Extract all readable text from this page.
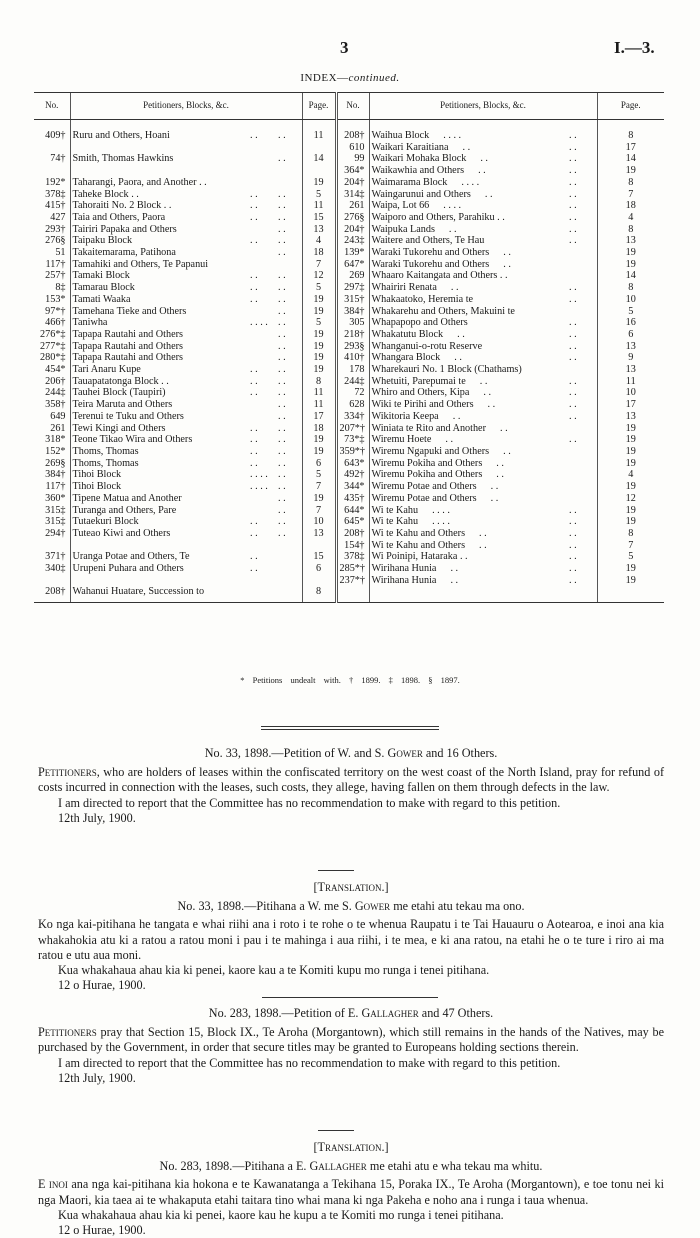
3	I.—3.
INDEX—continued.
No.	Petitioners, Blocks, &c.			Page.	No.	Petitioners, Blocks, &c.		Page.
409†	Ruru and Others, Hoani	. .	. .	11	208†	Waihua Block . . . .	. .	8
					610	Waikari Karaitiana . .	. .	17
74†	Smith, Thomas Hawkins		. .	14	99	Waikari Mohaka Block . .	. .	14
					364*	Waikawhia and Others . .	. .	19
192*	Taharangi, Paora, and Another . .			19	204†	Waimarama Block . . . .	. .	8
378‡	Taheke Block . .	. .	. .	5	314‡	Waingarunui and Others . .	. .	7
415†	Tahoraiti No. 2 Block . .	. .	. .	11	261	Waipa, Lot 66 . . . .	. .	18
427	Taia and Others, Paora	. .	. .	15	276§	Waiporo and Others, Parahiku . .	. .	4
293†	Tairiri Papaka and Others		. .	13	204†	Waipuka Lands . .	. .	8
276§	Taipaku Block	. .	. .	4	243‡	Waitere and Others, Te Hau	. .	13
51	Takaitemarama, Patihona		. .	18	139*	Waraki Tukorehu and Others . .		19
117†	Tamahiki and Others, Te Papanui			7	647*	Waraki Tukorehu and Others . .		19
257†	Tamaki Block	. .	. .	12	269	Whaaro Kaitangata and Others . .		14
8‡	Tamarau Block	. .	. .	5	297‡	Whairiri Renata . .	. .	8
153*	Tamati Waaka	. .	. .	19	315†	Whakaatoko, Heremia te	. .	10
97*†	Tamehana Tieke and Others		. .	19	384†	Whakarehu and Others, Makuini te		5
466†	Taniwha	. . . .	. .	5	305	Whapapopo and Others	. .	16
276*‡	Tapapa Rautahi and Others		. .	19	218†	Whakatutu Block . .	. .	6
277*‡	Tapapa Rautahi and Others		. .	19	293§	Whanganui-o-rotu Reserve	. .	13
280*‡	Tapapa Rautahi and Others		. .	19	410†	Whangara Block . .	. .	9
454*	Tari Anaru Kupe	. .	. .	19	178	Wharekauri No. 1 Block (Chathams)		13
206†	Tauapatatonga Block . .	. .	. .	8	244‡	Whetuiti, Parepumai te . .	. .	11
244‡	Tauhei Block (Taupiri)	. .	. .	11	72	Whiro and Others, Kipa . .	. .	10
358†	Teira Maruta and Others		. .	11	628	Wiki te Pirihi and Others . .	. .	17
649	Terenui te Tuku and Others		. .	17	334†	Wikitoria Keepa . .	. .	13
261	Tewi Kingi and Others	. .	. .	18	207*†	Winiata te Rito and Another . .		19
318*	Teone Tikao Wira and Others	. .	. .	19	73*‡	Wiremu Hoete . .	. .	19
152*	Thoms, Thomas	. .	. .	19	359*†	Wiremu Ngapuki and Others . .		19
269§	Thoms, Thomas	. .	. .	6	643*	Wiremu Pokiha and Others . .		19
384†	Tihoi Block	. . . .	. .	5	492†	Wiremu Pokiha and Others . .		4
117†	Tihoi Block	. . . .	. .	7	344*	Wiremu Potae and Others . .		19
360*	Tipene Matua and Another		. .	19	435†	Wiremu Potae and Others . .		12
315‡	Turanga and Others, Pare		. .	7	644*	Wi te Kahu . . . .	. .	19
315‡	Tutaekuri Block	. .	. .	10	645*	Wi te Kahu . . . .	. .	19
294†	Tuteao Kiwi and Others	. .	. .	13	208†	Wi te Kahu and Others . .	. .	8
					154†	Wi te Kahu and Others . .	. .	7
371†	Uranga Potae and Others, Te	. .		15	378‡	Wi Poinipi, Hataraka . .	. .	5
340‡	Urupeni Puhara and Others	. .		6	285*†	Wirihana Hunia . .	. .	19
					237*†	Wirihana Hunia . .	. .	19
208†	Wahanui Huatare, Succession to			8				
* Petitions undealt with. † 1899. ‡ 1898. § 1897.

No. 33, 1898.—Petition of W. and S. Gower and 16 Others.

Petitioners, who are holders of leases within the confiscated territory on the west coast of the North Island, pray for refund of costs incurred in connection with the leases, such costs, they allege, having fallen on them through defects in the law.

I am directed to report that the Committee has no recommendation to make with regard to this petition.

12th July, 1900.

[Translation.]

No. 33, 1898.—Pitihana a W. me S. Gower me etahi atu tekau ma ono.

Ko nga kai-pitihana he tangata e whai riihi ana i roto i te rohe o te whenua Raupatu i te Tai Hauauru o Aotearoa, e inoi ana kia whakahokia atu ki a ratou a ratou moni i pau i te mahinga i aua riihi, i te mea, e ki ana ratou, na etahi he o te ture i riro ai ma ratou e utu aua moni.

Kua whakahaua ahau kia ki penei, kaore kau a te Komiti kupu mo runga i tenei pitihana.

12 o Hurae, 1900.

No. 283, 1898.—Petition of E. Gallagher and 47 Others.

Petitioners pray that Section 15, Block IX., Te Aroha (Morgantown), which still remains in the hands of the Natives, may be purchased by the Government, in order that secure titles may be granted to Europeans holding sections therein.

I am directed to report that the Committee has no recommendation to make with regard to this petition.

12th July, 1900.

[Translation.]

No. 283, 1898.—Pitihana a E. Gallagher me etahi atu e wha tekau ma whitu.

E inoi ana nga kai-pitihana kia hokona e te Kawanatanga a Tekihana 15, Poraka IX., Te Aroha (Morgantown), e toe tonu nei ki nga Maori, kia taea ai te whakaputa etahi taitara tino whai mana ki nga Pakeha e noho ana i runga i taua whenua.

Kua whakahaua ahau kia ki penei, kaore kau he kupu a te Komiti mo runga i tenei pitihana.

12 o Hurae, 1900.
